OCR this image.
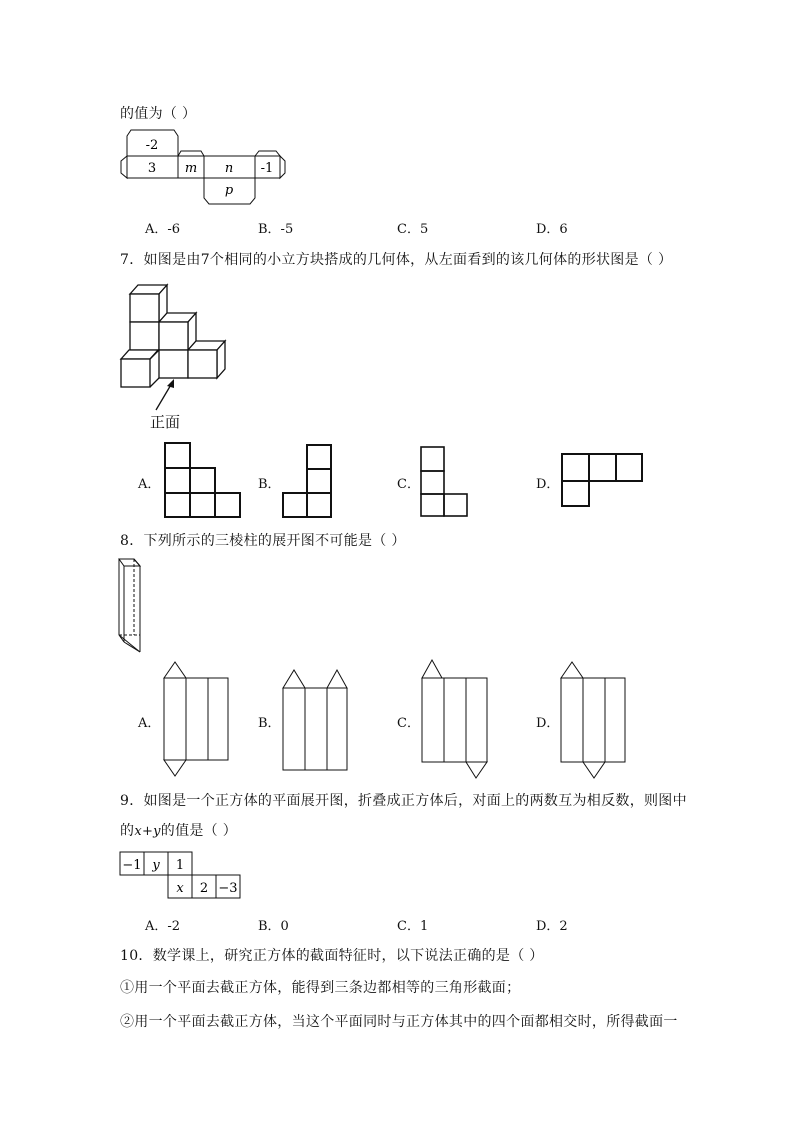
的值为（ ）
-2
3 m n -1
p
A．-6	B．-5	C．5	D．6
7．如图是由7个相同的小立方块搭成的几何体，从左面看到的该几何体的形状图是（ ）
正面
A．	B．	C．	D．
8．下列所示的三棱柱的展开图不可能是（ ）
A．	B．	C．	D．
9．如图是一个正方体的平面展开图，折叠成正方体后，对面上的两数互为相反数，则图中
的x+y的值是（ ）
−1 y 1
x 2 −3
A．-2	B．0	C．1	D．2
10．数学课上，研究正方体的截面特征时，以下说法正确的是（ ）
①用一个平面去截正方体，能得到三条边都相等的三角形截面；
②用一个平面去截正方体，当这个平面同时与正方体其中的四个面都相交时，所得截面一
